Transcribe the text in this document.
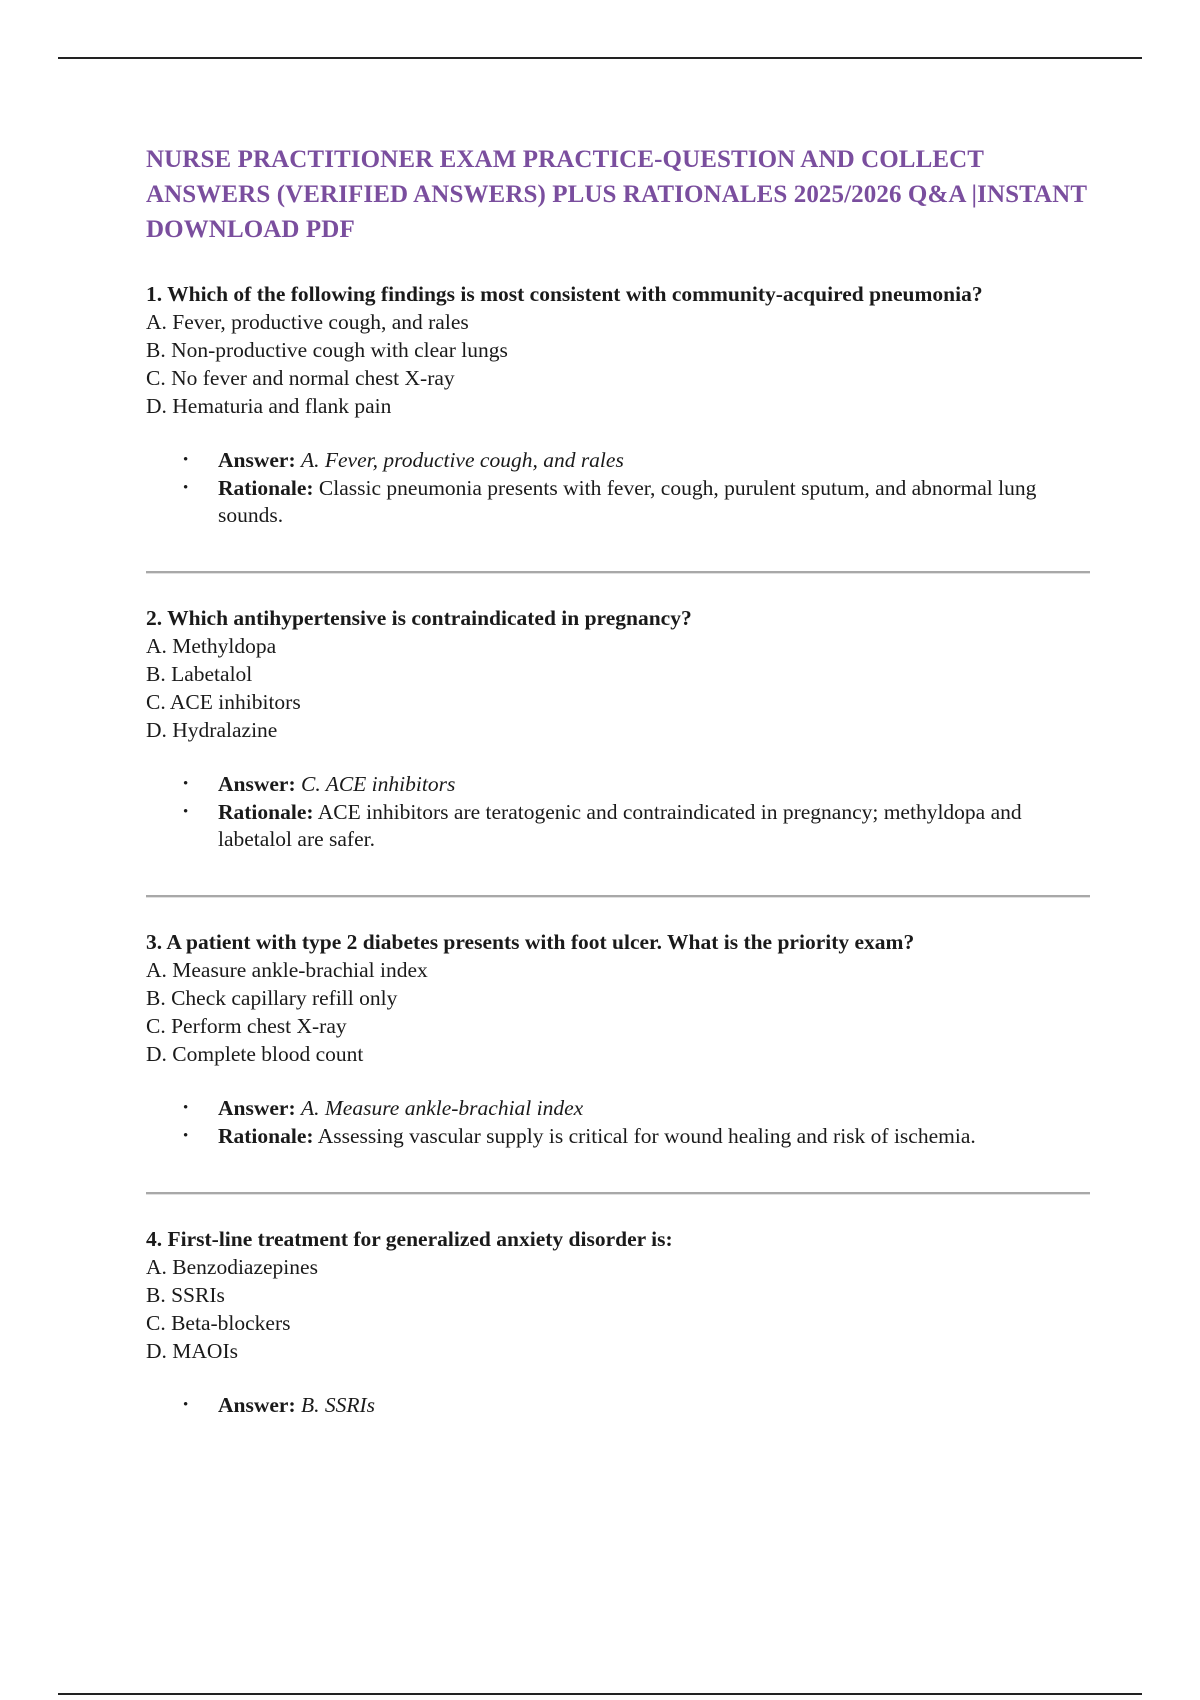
NURSE PRACTITIONER EXAM PRACTICE-QUESTION AND COLLECT ANSWERS (VERIFIED ANSWERS) PLUS RATIONALES 2025/2026 Q&A |INSTANT DOWNLOAD PDF

1. Which of the following findings is most consistent with community-acquired pneumonia?

A. Fever, productive cough, and rales
B. Non-productive cough with clear lungs
C. No fever and normal chest X-ray
D. Hematuria and flank pain
• Answer: A. Fever, productive cough, and rales
• Rationale: Classic pneumonia presents with fever, cough, purulent sputum, and abnormal lung sounds.

2. Which antihypertensive is contraindicated in pregnancy?

A. Methyldopa
B. Labetalol
C. ACE inhibitors
D. Hydralazine
• Answer: C. ACE inhibitors
• Rationale: ACE inhibitors are teratogenic and contraindicated in pregnancy; methyldopa and labetalol are safer.

3. A patient with type 2 diabetes presents with foot ulcer. What is the priority exam?

A. Measure ankle-brachial index
B. Check capillary refill only
C. Perform chest X-ray
D. Complete blood count
• Answer: A. Measure ankle-brachial index
• Rationale: Assessing vascular supply is critical for wound healing and risk of ischemia.

4. First-line treatment for generalized anxiety disorder is:

A. Benzodiazepines
B. SSRIs
C. Beta-blockers
D. MAOIs
• Answer: B. SSRIs
